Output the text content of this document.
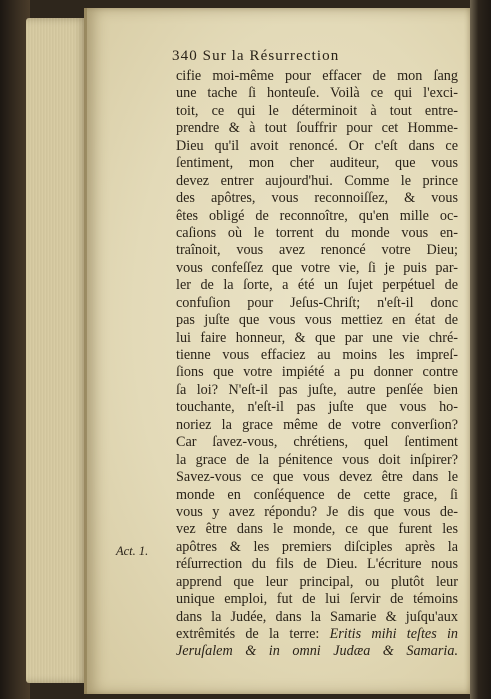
340 Sur la Résurrection
cifie moi-même pour effacer de mon ſang
une tache ſi honteuſe. Voilà ce qui l'exci-
toit, ce qui le déterminoit à tout entre-
prendre & à tout ſouffrir pour cet Homme-
Dieu qu'il avoit renoncé. Or c'eſt dans ce
ſentiment, mon cher auditeur, que vous
devez entrer aujourd'hui. Comme le prince
des apôtres, vous reconnoiſſez, & vous
êtes obligé de reconnoître, qu'en mille oc-
caſions où le torrent du monde vous en-
traînoit, vous avez renoncé votre Dieu;
vous confeſſez que votre vie, ſi je puis par-
ler de la ſorte, a été un ſujet perpétuel de
confuſion pour Jeſus-Chriſt; n'eſt-il donc
pas juſte que vous vous mettiez en état de
lui faire honneur, & que par une vie chré-
tienne vous effaciez au moins les impreſ-
ſions que votre impiété a pu donner contre
ſa loi? N'eſt-il pas juſte, autre penſée bien
touchante, n'eſt-il pas juſte que vous ho-
noriez la grace même de votre converſion?
Car ſavez-vous, chrétiens, quel ſentiment
la grace de la pénitence vous doit inſpirer?
Savez-vous ce que vous devez être dans le
monde en conſéquence de cette grace, ſi
vous y avez répondu? Je dis que vous de-
vez être dans le monde, ce que furent les
apôtres & les premiers diſciples après la
réſurrection du fils de Dieu. L'écriture nous
apprend que leur principal, ou plutôt leur
unique emploi, fut de lui ſervir de témoins
dans la Judée, dans la Samarie & juſqu'aux
extrêmités de la terre: Eritis mihi teſtes in
Jeruſalem & in omni Judæa & Samaria.
Act. 1.
